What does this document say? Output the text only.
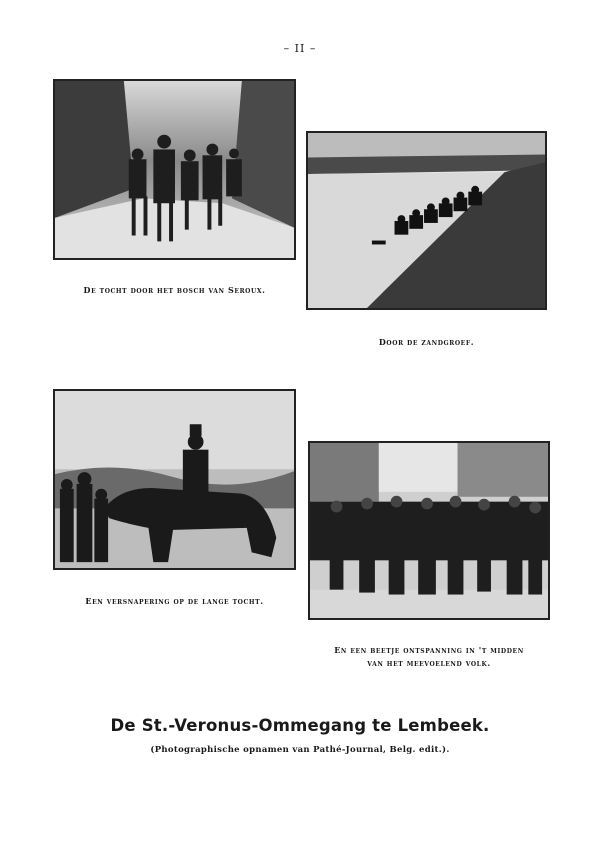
– II –
De tocht door het bosch van Seroux.
Door de zandgroef.
Een versnapering op de lange tocht.
En een beetje ontspanning in 't midden
van het meevoelend volk.
De St.-Veronus-Ommegang te Lembeek.
(Photographische opnamen van Pathé-Journal, Belg. edit.).
